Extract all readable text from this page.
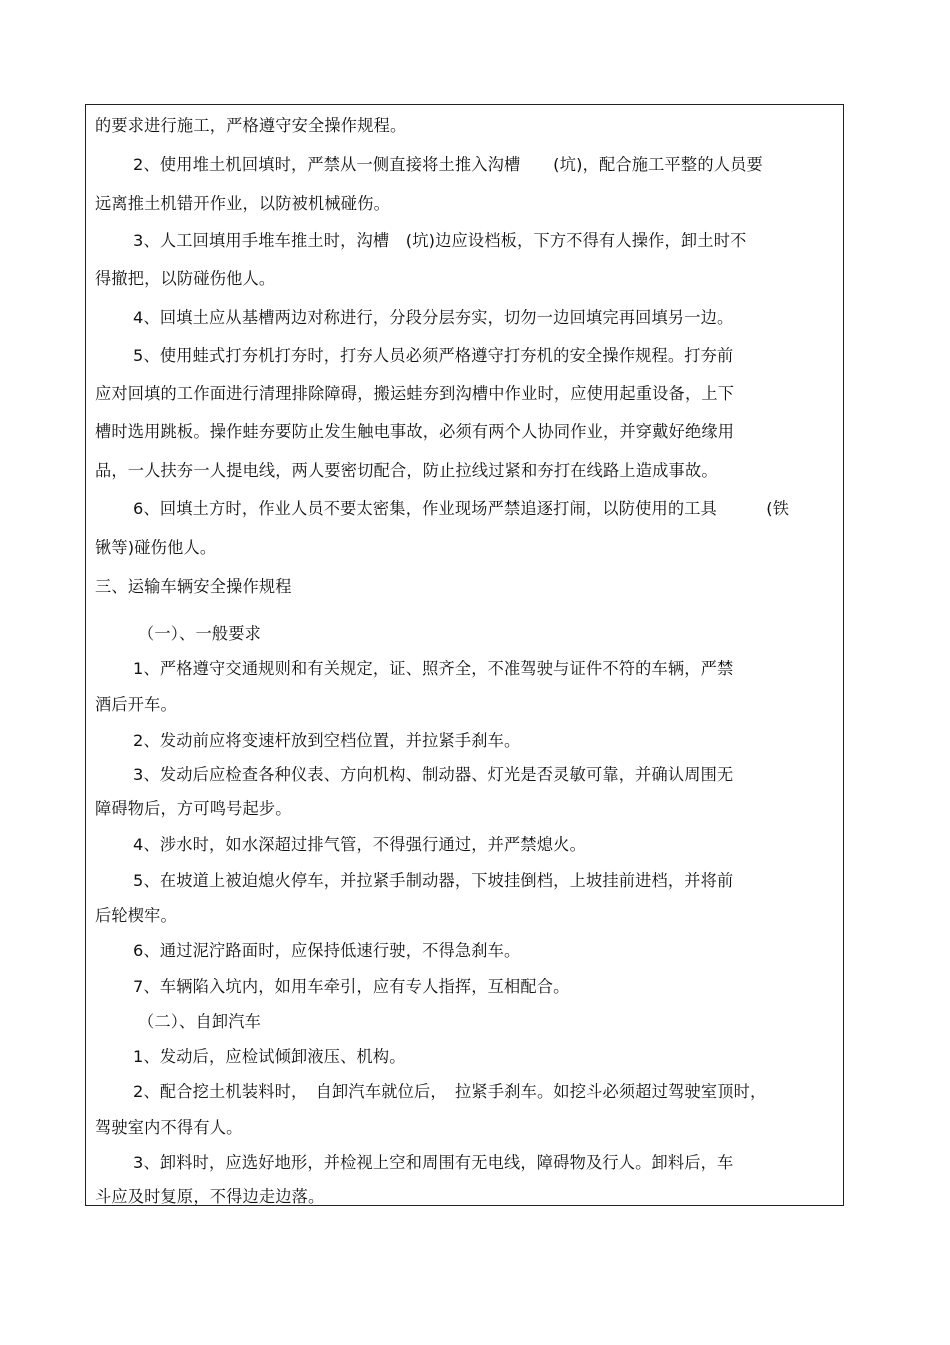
的要求进行施工，严格遵守安全操作规程。
2、使用堆土机回填时，严禁从一侧直接将土推入沟槽　　(坑)，配合施工平整的人员要
远离推土机错开作业，以防被机械碰伤。
3、人工回填用手堆车推土时，沟槽　(坑)边应设档板，下方不得有人操作，卸土时不
得撤把，以防碰伤他人。
4、回填土应从基槽两边对称进行，分段分层夯实，切勿一边回填完再回填另一边。
5、使用蛙式打夯机打夯时，打夯人员必须严格遵守打夯机的安全操作规程。打夯前
应对回填的工作面进行清理排除障碍，搬运蛙夯到沟槽中作业时，应使用起重设备，上下
槽时选用跳板。操作蛙夯要防止发生触电事故，必须有两个人协同作业，并穿戴好绝缘用
品，一人扶夯一人提电线，两人要密切配合，防止拉线过紧和夯打在线路上造成事故。
6、回填土方时，作业人员不要太密集，作业现场严禁追逐打闹，以防使用的工具　　　(铁
锹等)碰伤他人。
三、运输车辆安全操作规程
（一）、一般要求
1、严格遵守交通规则和有关规定，证、照齐全，不准驾驶与证件不符的车辆，严禁
酒后开车。
2、发动前应将变速杆放到空档位置，并拉紧手刹车。
3、发动后应检查各种仪表、方向机构、制动器、灯光是否灵敏可靠，并确认周围无
障碍物后，方可鸣号起步。
4、涉水时，如水深超过排气管，不得强行通过，并严禁熄火。
5、在坡道上被迫熄火停车，并拉紧手制动器，下坡挂倒档，上坡挂前进档，并将前
后轮楔牢。
6、通过泥泞路面时，应保持低速行驶，不得急刹车。
7、车辆陷入坑内，如用车牵引，应有专人指挥，互相配合。
（二）、自卸汽车
1、发动后，应检试倾卸液压、机构。
2、配合挖土机装料时，　自卸汽车就位后，　拉紧手刹车。如挖斗必须超过驾驶室顶时，
驾驶室内不得有人。
3、卸料时，应选好地形，并检视上空和周围有无电线，障碍物及行人。卸料后，车
斗应及时复原，不得边走边落。
